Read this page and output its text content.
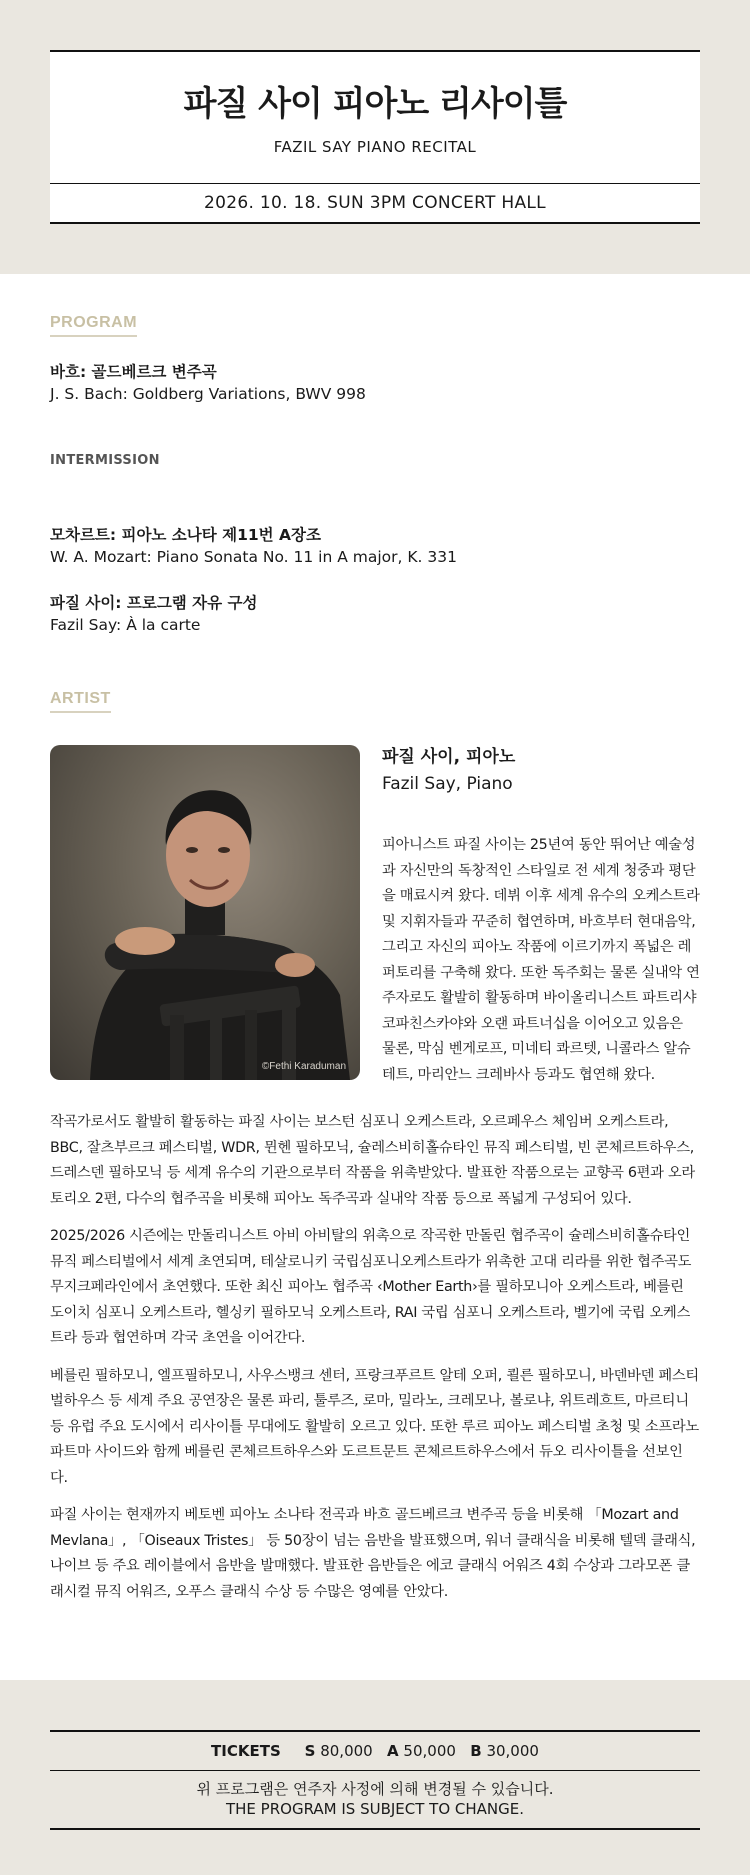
파질 사이 피아노 리사이틀
FAZIL SAY PIANO RECITAL
2026. 10. 18. SUN 3PM CONCERT HALL
PROGRAM
바흐: 골드베르크 변주곡
J. S. Bach: Goldberg Variations, BWV 998
INTERMISSION
모차르트: 피아노 소나타 제11번 A장조
W. A. Mozart: Piano Sonata No. 11 in A major, K. 331
파질 사이: 프로그램 자유 구성
Fazil Say: À la carte
ARTIST
©Fethi Karaduman
파질 사이, 피아노
Fazil Say, Piano

피아니스트 파질 사이는 25년여 동안 뛰어난 예술성과 자신만의 독창적인 스타일로 전 세계 청중과 평단을 매료시켜 왔다. 데뷔 이후 세계 유수의 오케스트라 및 지휘자들과 꾸준히 협연하며, 바흐부터 현대음악, 그리고 자신의 피아노 작품에 이르기까지 폭넓은 레퍼토리를 구축해 왔다. 또한 독주회는 물론 실내악 연주자로도 활발히 활동하며 바이올리니스트 파트리샤 코파친스카야와 오랜 파트너십을 이어오고 있음은 물론, 막심 벤게로프, 미네티 콰르텟, 니콜라스 알슈테트, 마리안느 크레바사 등과도 협연해 왔다.

작곡가로서도 활발히 활동하는 파질 사이는 보스턴 심포니 오케스트라, 오르페우스 체임버 오케스트라, BBC, 잘츠부르크 페스티벌, WDR, 뮌헨 필하모닉, 슐레스비히홀슈타인 뮤직 페스티벌, 빈 콘체르트하우스, 드레스덴 필하모닉 등 세계 유수의 기관으로부터 작품을 위촉받았다. 발표한 작품으로는 교향곡 6편과 오라토리오 2편, 다수의 협주곡을 비롯해 피아노 독주곡과 실내악 작품 등으로 폭넓게 구성되어 있다.

2025/2026 시즌에는 만돌리니스트 아비 아비탈의 위촉으로 작곡한 만돌린 협주곡이 슐레스비히홀슈타인 뮤직 페스티벌에서 세계 초연되며, 테살로니키 국립심포니오케스트라가 위촉한 고대 리라를 위한 협주곡도 무지크페라인에서 초연했다. 또한 최신 피아노 협주곡 ‹Mother Earth›를 필하모니아 오케스트라, 베를린 도이치 심포니 오케스트라, 헬싱키 필하모닉 오케스트라, RAI 국립 심포니 오케스트라, 벨기에 국립 오케스트라 등과 협연하며 각국 초연을 이어간다.

베를린 필하모니, 엘프필하모니, 사우스뱅크 센터, 프랑크푸르트 알테 오퍼, 쾰른 필하모니, 바덴바덴 페스티벌하우스 등 세계 주요 공연장은 물론 파리, 툴루즈, 로마, 밀라노, 크레모나, 볼로냐, 위트레흐트, 마르티니 등 유럽 주요 도시에서 리사이틀 무대에도 활발히 오르고 있다. 또한 루르 피아노 페스티벌 초청 및 소프라노 파트마 사이드와 함께 베를린 콘체르트하우스와 도르트문트 콘체르트하우스에서 듀오 리사이틀을 선보인다.

파질 사이는 현재까지 베토벤 피아노 소나타 전곡과 바흐 골드베르크 변주곡 등을 비롯해 「Mozart and Mevlana」, 「Oiseaux Tristes」 등 50장이 넘는 음반을 발표했으며, 워너 클래식을 비롯해 텔덱 클래식, 나이브 등 주요 레이블에서 음반을 발매했다. 발표한 음반들은 에코 클래식 어워즈 4회 수상과 그라모폰 클래시컬 뮤직 어워즈, 오푸스 클래식 수상 등 수많은 영예를 안았다.

TICKETS S 80,000 A 50,000 B 30,000
위 프로그램은 연주자 사정에 의해 변경될 수 있습니다.
THE PROGRAM IS SUBJECT TO CHANGE.
